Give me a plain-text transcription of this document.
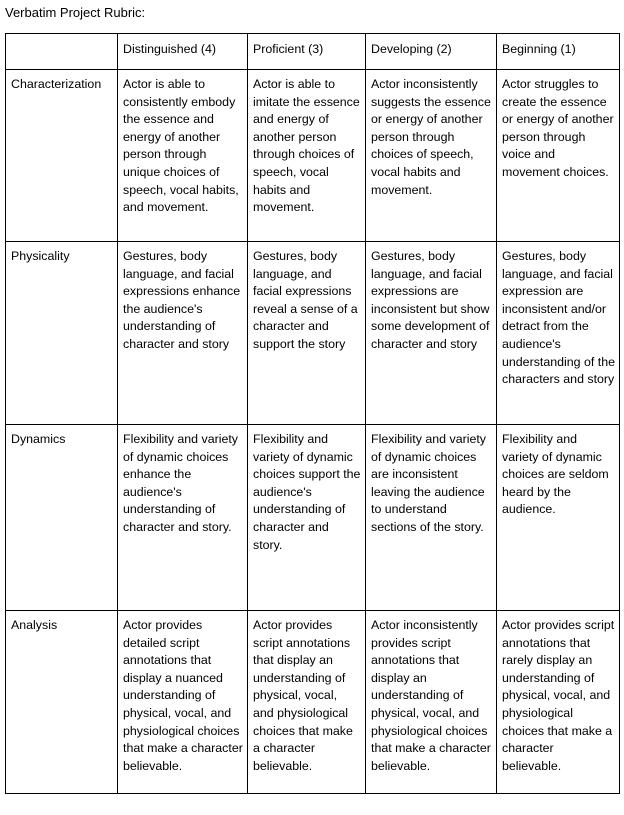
Verbatim Project Rubric:
	Distinguished (4)	Proficient (3)	Developing (2)	Beginning (1)
Characterization	Actor is able to consistently embody the essence and energy of another person through unique choices of speech, vocal habits, and movement.	Actor is able to imitate the essence and energy of another person through choices of speech, vocal habits and movement.	Actor inconsistently suggests the essence or energy of another person through choices of speech, vocal habits and movement.	Actor struggles to create the essence or energy of another person through voice and movement choices.
Physicality	Gestures, body language, and facial expressions enhance the audience's understanding of character and story	Gestures, body language, and facial expressions reveal a sense of a character and support the story	Gestures, body language, and facial expressions are inconsistent but show some development of character and story	Gestures, body language, and facial expression are inconsistent and/or detract from the audience's understanding of the characters and story
Dynamics	Flexibility and variety of dynamic choices enhance the audience's understanding of character and story.	Flexibility and variety of dynamic choices support the audience's understanding of character and story.	Flexibility and variety of dynamic choices are inconsistent leaving the audience to understand sections of the story.	Flexibility and variety of dynamic choices are seldom heard by the audience.
Analysis	Actor provides detailed script annotations that display a nuanced understanding of physical, vocal, and physiological choices that make a character believable.	Actor provides script annotations that display an understanding of physical, vocal, and physiological choices that make a character believable.	Actor inconsistently provides script annotations that display an understanding of physical, vocal, and physiological choices that make a character believable.	Actor provides script annotations that rarely display an understanding of physical, vocal, and physiological choices that make a character believable.
